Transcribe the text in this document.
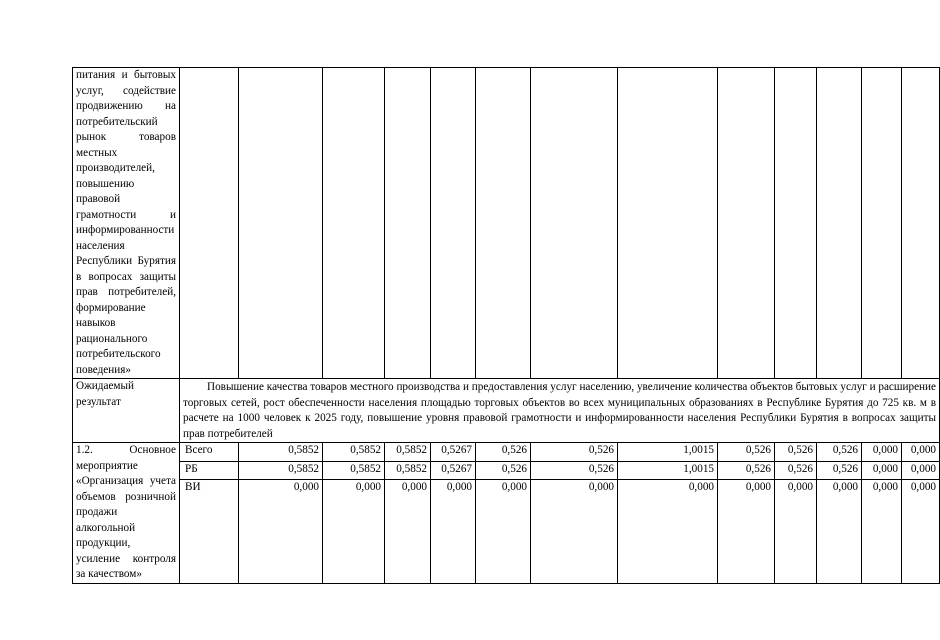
питания и бытовых услуг, содействие продвижению на потребительский рынок товаров местных производителей, повышению правовой грамотности и информированности населения Республики Бурятия в вопросах защиты прав потребителей, формирование навыков рационального потребительского поведения»													
Ожидаемый результат	Повышение качества товаров местного производства и предоставления услуг населению, увеличение количества объектов бытовых услуг и расширение торговых сетей, рост обеспеченности населения площадью торговых объектов во всех муниципальных образованиях в Республике Бурятия до 725 кв. м в расчете на 1000 человек к 2025 году, повышение уровня правовой грамотности и информированности населения Республики Бурятия в вопросах защиты прав потребителей												
1.2. Основное мероприятие «Организация учета объемов розничной продажи алкогольной продукции, усиление контроля за качеством»	Всего	0,5852	0,5852	0,5852	0,5267	0,526	0,526	1,0015	0,526	0,526	0,526	0,000	0,000
	РБ	0,5852	0,5852	0,5852	0,5267	0,526	0,526	1,0015	0,526	0,526	0,526	0,000	0,000
	ВИ	0,000	0,000	0,000	0,000	0,000	0,000	0,000	0,000	0,000	0,000	0,000	0,000
